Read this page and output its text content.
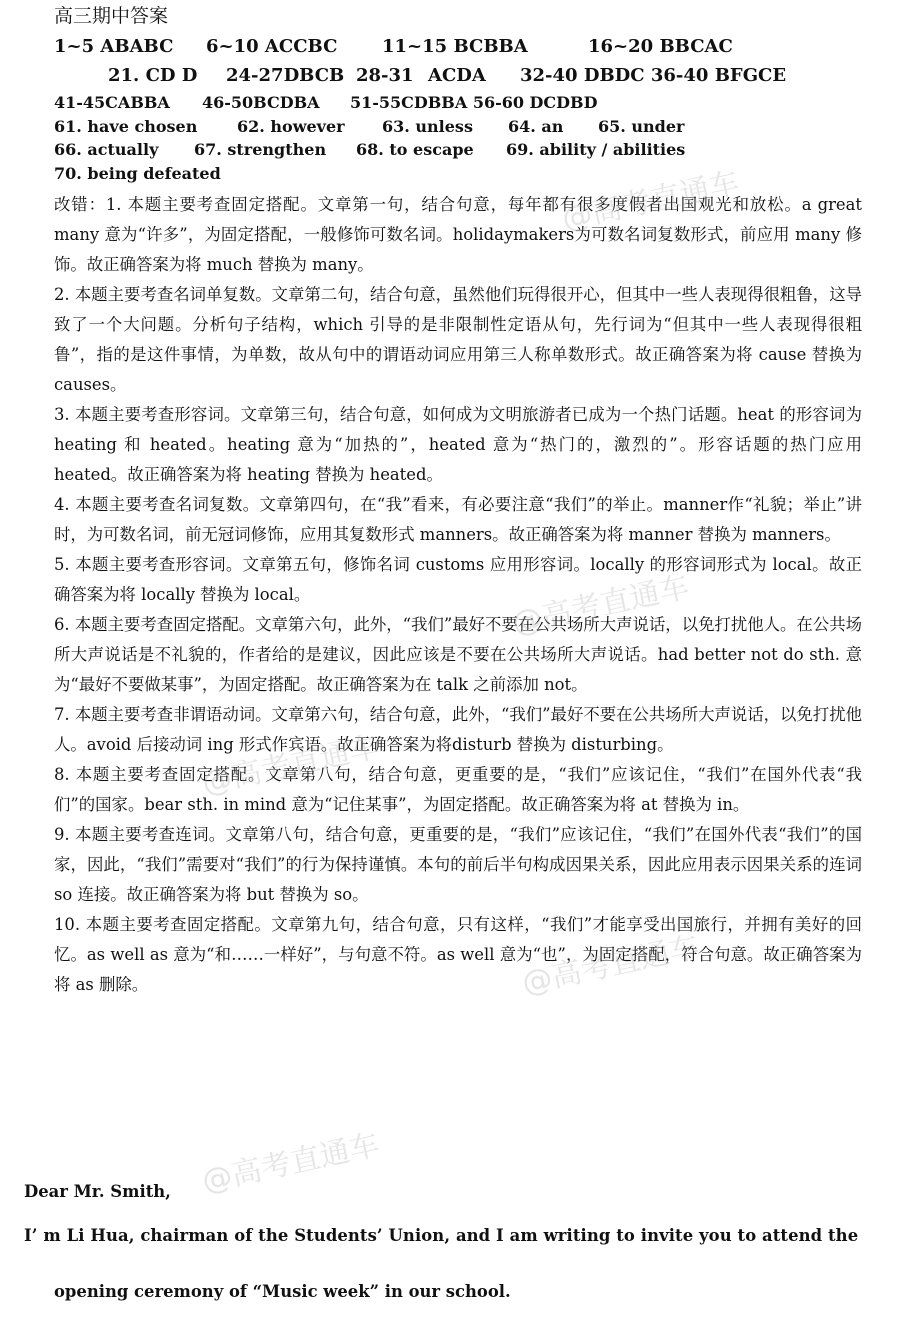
高三期中答案
1~5 ABABC 6~10 ACCBC 11~15 BCBBA	16~20 BBCAC
21. CD D 24-27DBCB 28-31 ACDA 32-40 DBDC 36-40 BFGCE
41-45CABBA 46-50BCDBA 51-55CDBBA 56-60 DCDBD
61. have chosen 62. however 63. unless 64. an 65. under
66. actually 67. strengthen 68. to escape 69. ability / abilities
70. being defeated

改错：1. 本题主要考查固定搭配。文章第一句，结合句意，每年都有很多度假者出国观光和放松。a great many 意为“许多”，为固定搭配，一般修饰可数名词。holidaymakers为可数名词复数形式，前应用 many 修饰。故正确答案为将 much 替换为 many。

2. 本题主要考查名词单复数。文章第二句，结合句意，虽然他们玩得很开心，但其中一些人表现得很粗鲁，这导致了一个大问题。分析句子结构，which 引导的是非限制性定语从句，先行词为“但其中一些人表现得很粗鲁”，指的是这件事情，为单数，故从句中的谓语动词应用第三人称单数形式。故正确答案为将 cause 替换为 causes。

3. 本题主要考查形容词。文章第三句，结合句意，如何成为文明旅游者已成为一个热门话题。heat 的形容词为 heating 和 heated。heating 意为“加热的”，heated 意为“热门的，激烈的”。形容话题的热门应用 heated。故正确答案为将 heating 替换为 heated。

4. 本题主要考查名词复数。文章第四句，在“我”看来，有必要注意“我们”的举止。manner作“礼貌；举止”讲时，为可数名词，前无冠词修饰，应用其复数形式 manners。故正确答案为将 manner 替换为 manners。

5. 本题主要考查形容词。文章第五句，修饰名词 customs 应用形容词。locally 的形容词形式为 local。故正确答案为将 locally 替换为 local。

6. 本题主要考查固定搭配。文章第六句，此外，“我们”最好不要在公共场所大声说话，以免打扰他人。在公共场所大声说话是不礼貌的，作者给的是建议，因此应该是不要在公共场所大声说话。had better not do sth. 意为“最好不要做某事”，为固定搭配。故正确答案为在 talk 之前添加 not。

7. 本题主要考查非谓语动词。文章第六句，结合句意，此外，“我们”最好不要在公共场所大声说话，以免打扰他人。avoid 后接动词 ing 形式作宾语。故正确答案为将disturb 替换为 disturbing。

8. 本题主要考查固定搭配。文章第八句，结合句意，更重要的是，“我们”应该记住，“我们”在国外代表“我们”的国家。bear sth. in mind 意为“记住某事”，为固定搭配。故正确答案为将 at 替换为 in。

9. 本题主要考查连词。文章第八句，结合句意，更重要的是，“我们”应该记住，“我们”在国外代表“我们”的国家，因此，“我们”需要对“我们”的行为保持谨慎。本句的前后半句构成因果关系，因此应用表示因果关系的连词 so 连接。故正确答案为将 but 替换为 so。

10. 本题主要考查固定搭配。文章第九句，结合句意，只有这样，“我们”才能享受出国旅行，并拥有美好的回忆。as well as 意为“和……一样好”，与句意不符。as well 意为“也”，为固定搭配，符合句意。故正确答案为将 as 删除。

Dear Mr. Smith,
I’ m Li Hua, chairman of the Students’ Union, and I am writing to invite you to attend the
opening ceremony of “Music week” in our school.
@高考直通车
@高考直通车
@高考直通车
@高考直通车
@高考直通车
